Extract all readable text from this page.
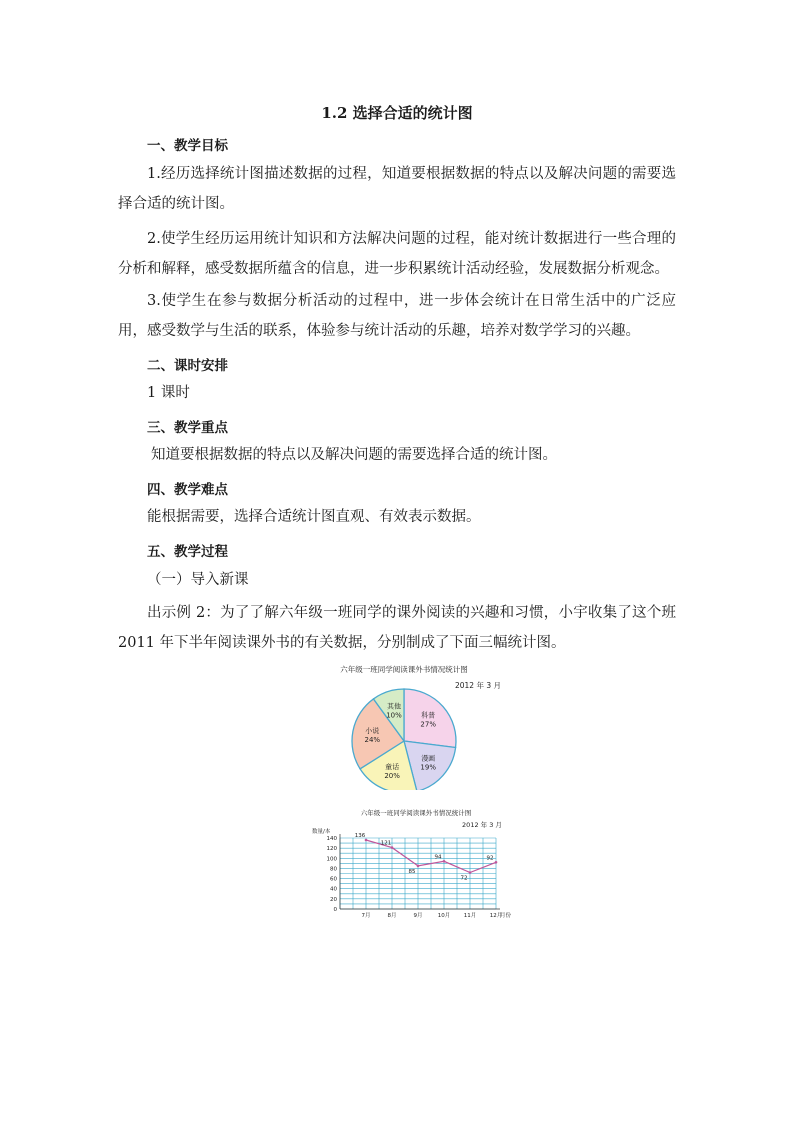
1.2 选择合适的统计图
一、教学目标
1.经历选择统计图描述数据的过程，知道要根据数据的特点以及解决问题的需要选择合适的统计图。
2.使学生经历运用统计知识和方法解决问题的过程，能对统计数据进行一些合理的分析和解释，感受数据所蕴含的信息，进一步积累统计活动经验，发展数据分析观念。
3.使学生在参与数据分析活动的过程中，进一步体会统计在日常生活中的广泛应用，感受数学与生活的联系，体验参与统计活动的乐趣，培养对数学学习的兴趣。
二、课时安排
1 课时
三、教学重点
知道要根据数据的特点以及解决问题的需要选择合适的统计图。
四、教学难点
能根据需要，选择合适统计图直观、有效表示数据。
五、教学过程
（一）导入新课
出示例 2：为了了解六年级一班同学的课外阅读的兴趣和习惯，小宇收集了这个班 2011 年下半年阅读课外书的有关数据，分别制成了下面三幅统计图。
六年级一班同学阅读课外书情况统计图
2012 年 3 月
科普
27%
漫画
19%
童话
20%
小说
24%
其他
10%
六年级一班同学阅读课外书情况统计图
2012 年 3 月
数量/本
0
20
40
60
80
100
120
140
7月	8月	9月	10月 11月 12月
136
121
85
94
72
92
月份
